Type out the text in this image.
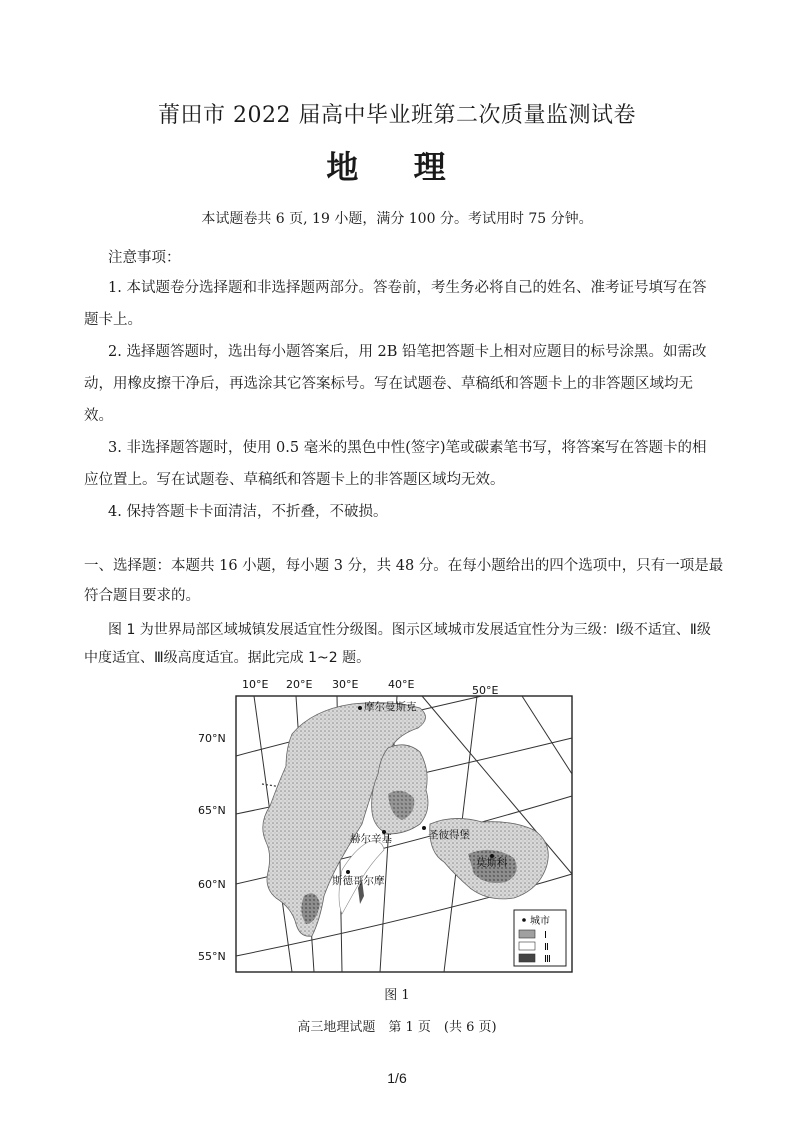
莆田市 2022 届高中毕业班第二次质量监测试卷
地 理
本试题卷共 6 页, 19 小题，满分 100 分。考试用时 75 分钟。
注意事项：

1. 本试题卷分选择题和非选择题两部分。答卷前，考生务必将自己的姓名、准考证号填写在答题卡上。

2. 选择题答题时，选出每小题答案后，用 2B 铅笔把答题卡上相对应题目的标号涂黑。如需改动，用橡皮擦干净后，再选涂其它答案标号。写在试题卷、草稿纸和答题卡上的非答题区域均无效。

3. 非选择题答题时，使用 0.5 毫米的黑色中性(签字)笔或碳素笔书写，将答案写在答题卡的相应位置上。写在试题卷、草稿纸和答题卡上的非答题区域均无效。

4. 保持答题卡卡面清洁，不折叠，不破损。

一、选择题：本题共 16 小题，每小题 3 分，共 48 分。在每小题给出的四个选项中，只有一项是最符合题目要求的。
图 1 为世界局部区域城镇发展适宜性分级图。图示区域城市发展适宜性分为三级：Ⅰ级不适宜、Ⅱ级中度适宜、Ⅲ级高度适宜。据此完成 1~2 题。
摩尔曼斯克
赫尔辛基	圣彼得堡
斯德哥尔摩
莫斯科
10°E 20°E 30°E	40°E	50°E
70°N
65°N
60°N
55°N
城市
Ⅰ
Ⅱ
Ⅲ
图 1
高三地理试题　第 1 页　(共 6 页)
1/6
